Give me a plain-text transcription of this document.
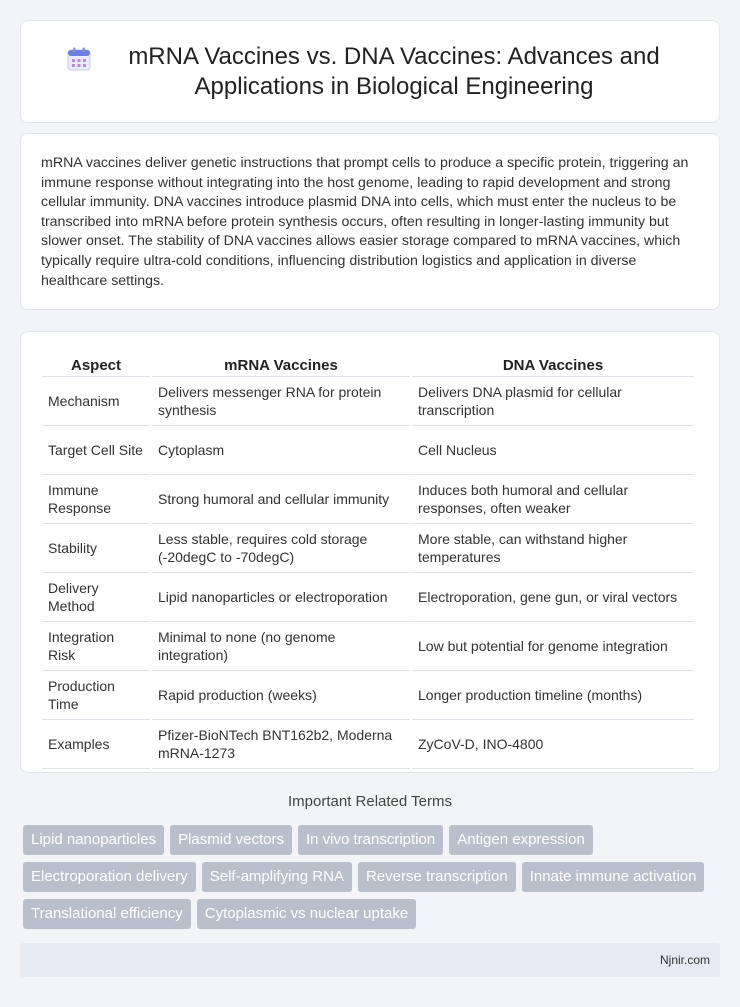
mRNA Vaccines vs. DNA Vaccines: Advances and Applications in Biological Engineering
mRNA vaccines deliver genetic instructions that prompt cells to produce a specific protein, triggering an immune response without integrating into the host genome, leading to rapid development and strong cellular immunity. DNA vaccines introduce plasmid DNA into cells, which must enter the nucleus to be transcribed into mRNA before protein synthesis occurs, often resulting in longer-lasting immunity but slower onset. The stability of DNA vaccines allows easier storage compared to mRNA vaccines, which typically require ultra-cold conditions, influencing distribution logistics and application in diverse healthcare settings.
Aspect	mRNA Vaccines	DNA Vaccines
Mechanism	Delivers messenger RNA for protein synthesis	Delivers DNA plasmid for cellular transcription
Target Cell Site	Cytoplasm	Cell Nucleus
Immune Response	Strong humoral and cellular immunity	Induces both humoral and cellular responses, often weaker
Stability	Less stable, requires cold storage (-20degC to -70degC)	More stable, can withstand higher temperatures
Delivery Method	Lipid nanoparticles or electroporation	Electroporation, gene gun, or viral vectors
Integration Risk	Minimal to none (no genome integration)	Low but potential for genome integration
Production Time	Rapid production (weeks)	Longer production timeline (months)
Examples	Pfizer-BioNTech BNT162b2, Moderna mRNA-1273	ZyCoV-D, INO-4800
Important Related Terms
Lipid nanoparticles	Plasmid vectors	In vivo transcription	Antigen expression
Electroporation delivery	Self-amplifying RNA	Reverse transcription	Innate immune activation
Translational efficiency	Cytoplasmic vs nuclear uptake
Njnir.com
